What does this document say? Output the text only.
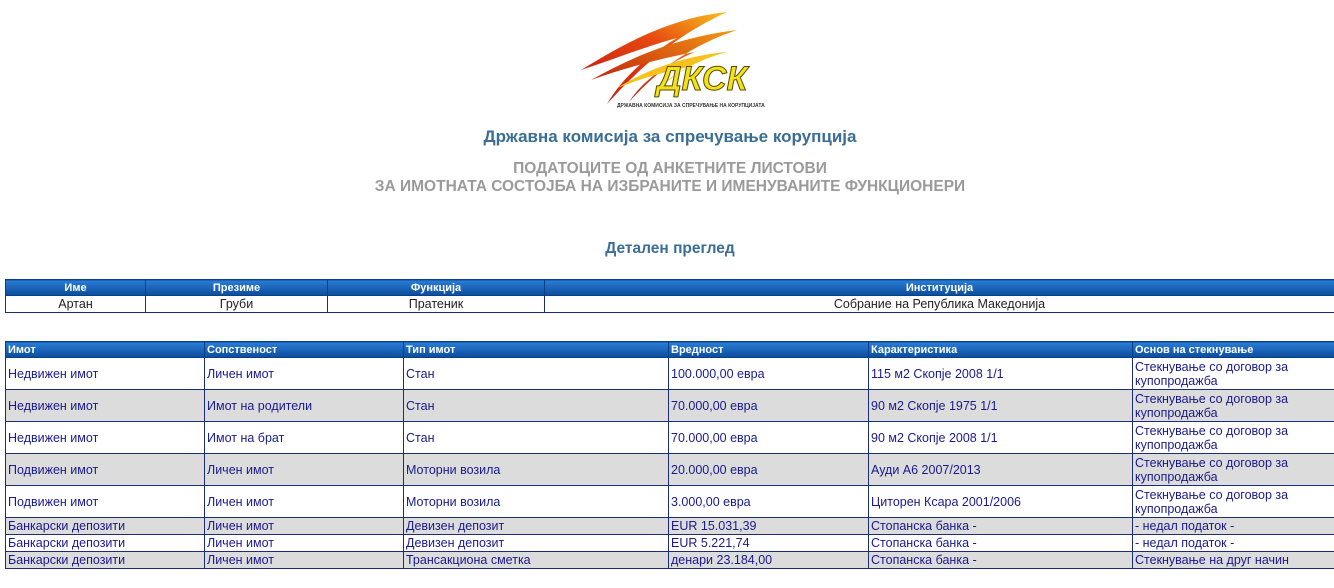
ДКСК
ДРЖАВНА КОМИСИЈА ЗА СПРЕЧУВАЊЕ НА КОРУПЦИЈАТА
Државна комисија за спречување корупција
ПОДАТОЦИТЕ ОД АНКЕТНИТЕ ЛИСТОВИ
ЗА ИМОТНАТА СОСТОЈБА НА ИЗБРАНИТЕ И ИМЕНУВАНИТЕ ФУНКЦИОНЕРИ
Детален преглед
Име	Презиме	Функција	Институција
Артан	Груби	Пратеник	Собрание на Република Македонија
Имот	Сопственост	Тип имот	Вредност	Карактеристика	Основ на стекнување
Недвижен имот	Личен имот	Стан	100.000,00 евра	115 м2 Скопје 2008 1/1	Стекнување со договор за купопродажба
Недвижен имот	Имот на родители	Стан	70.000,00 евра	90 м2 Скопје 1975 1/1	Стекнување со договор за купопродажба
Недвижен имот	Имот на брат	Стан	70.000,00 евра	90 м2 Скопје 2008 1/1	Стекнување со договор за купопродажба
Подвижен имот	Личен имот	Моторни возила	20.000,00 евра	Ауди А6 2007/2013	Стекнување со договор за купопродажба
Подвижен имот	Личен имот	Моторни возила	3.000,00 евра	Циторен Ксара 2001/2006	Стекнување со договор за купопродажба
Банкарски депозити	Личен имот	Девизен депозит	EUR 15.031,39	Стопанска банка -	- недал податок -
Банкарски депозити	Личен имот	Девизен депозит	EUR 5.221,74	Стопанска банка -	- недал податок -
Банкарски депозити	Личен имот	Трансакциона сметка	денари 23.184,00	Стопанска банка -	Стекнување на друг начин
